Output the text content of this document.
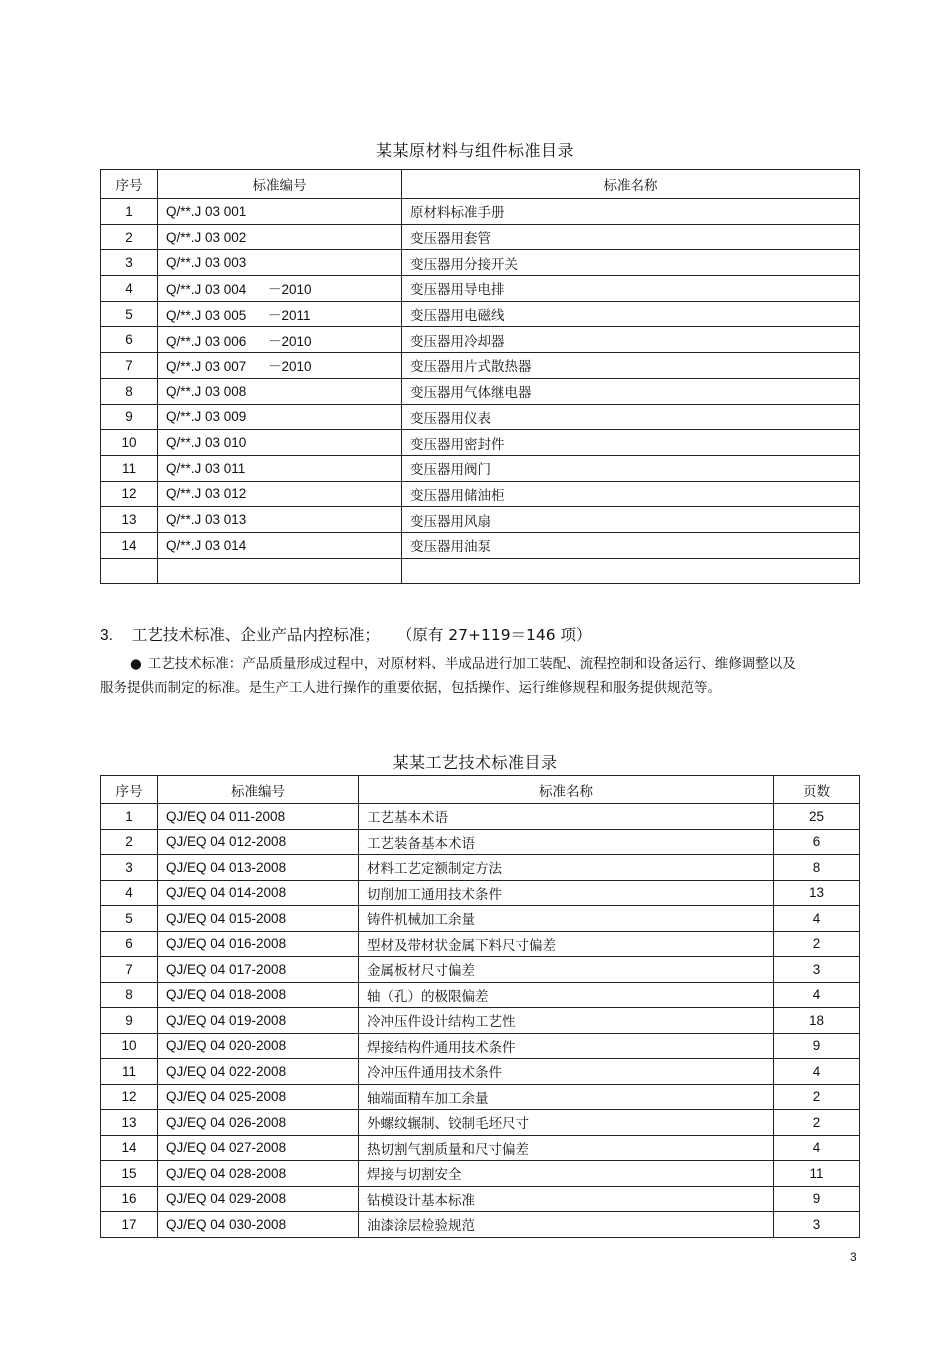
某某原材料与组件标准目录
序号	标准编号	标准名称
1	Q/**.J 03 001	原材料标准手册
2	Q/**.J 03 002	变压器用套管
3	Q/**.J 03 003	变压器用分接开关
4	Q/**.J 03 004 －2010	变压器用导电排
5	Q/**.J 03 005 －2011	变压器用电磁线
6	Q/**.J 03 006 －2010	变压器用冷却器
7	Q/**.J 03 007 －2010	变压器用片式散热器
8	Q/**.J 03 008	变压器用气体继电器
9	Q/**.J 03 009	变压器用仪表
10	Q/**.J 03 010	变压器用密封件
11	Q/**.J 03 011	变压器用阀门
12	Q/**.J 03 012	变压器用储油柜
13	Q/**.J 03 013	变压器用风扇
14	Q/**.J 03 014	变压器用油泵

3. 工艺技术标准、企业产品内控标准； （原有 27+119＝146 项）
● 工艺技术标准：产品质量形成过程中，对原材料、半成品进行加工装配、流程控制和设备运行、维修调整以及服务提供而制定的标准。是生产工人进行操作的重要依据，包括操作、运行维修规程和服务提供规范等。
某某工艺技术标准目录
序号	标准编号	标准名称	页数
1	QJ/EQ 04 011-2008	工艺基本术语	25
2	QJ/EQ 04 012-2008	工艺装备基本术语	6
3	QJ/EQ 04 013-2008	材料工艺定额制定方法	8
4	QJ/EQ 04 014-2008	切削加工通用技术条件	13
5	QJ/EQ 04 015-2008	铸件机械加工余量	4
6	QJ/EQ 04 016-2008	型材及带材状金属下料尺寸偏差	2
7	QJ/EQ 04 017-2008	金属板材尺寸偏差	3
8	QJ/EQ 04 018-2008	轴（孔）的极限偏差	4
9	QJ/EQ 04 019-2008	冷冲压件设计结构工艺性	18
10	QJ/EQ 04 020-2008	焊接结构件通用技术条件	9
11	QJ/EQ 04 022-2008	冷冲压件通用技术条件	4
12	QJ/EQ 04 025-2008	轴端面精车加工余量	2
13	QJ/EQ 04 026-2008	外螺纹辗制、铰制毛坯尺寸	2
14	QJ/EQ 04 027-2008	热切割气割质量和尺寸偏差	4
15	QJ/EQ 04 028-2008	焊接与切割安全	11
16	QJ/EQ 04 029-2008	钻模设计基本标准	9
17	QJ/EQ 04 030-2008	油漆涂层检验规范	3
3
